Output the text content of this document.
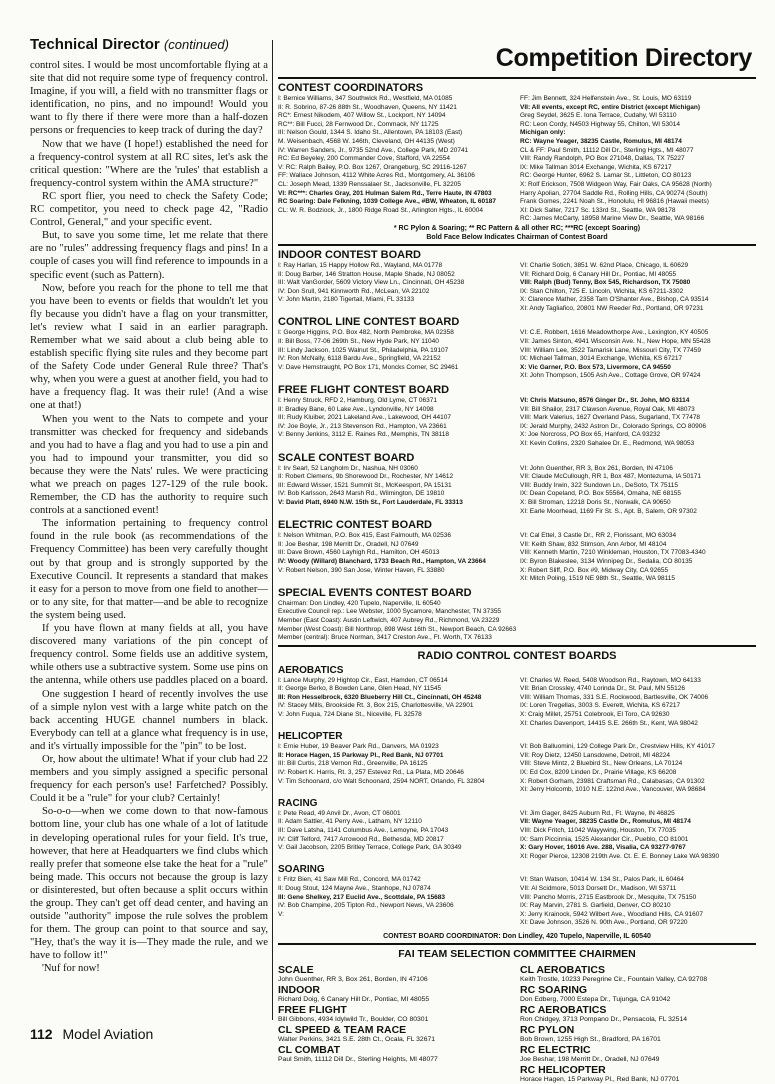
Technical Director (continued)

control sites. I would be most uncomfortable flying at a site that did not require some type of frequency control. Imagine, if you will, a field with no transmitter flags or identification, no pins, and no impound! Would you want to fly there if there were more than a half-dozen persons or frequencies to keep track of during the day?

Now that we have (I hope!) established the need for a frequency-control system at all RC sites, let's ask the critical question: "Where are the 'rules' that establish a frequency-control system within the AMA structure?"

RC sport flier, you need to check the Safety Code; RC competitor, you need to check page 42, "Radio Control, General," and your specific event.

But, to save you some time, let me relate that there are no "rules" addressing frequency flags and pins! In a couple of cases you will find reference to impounds in a specific event (such as Pattern).

Now, before you reach for the phone to tell me that you have been to events or fields that wouldn't let you fly because you didn't have a flag on your transmitter, let's review what I said in an earlier paragraph. Remember what we said about a club being able to establish specific flying site rules and they become part of the Safety Code under General Rule three? That's why, when you were a guest at another field, you had to have a frequency flag. It was their rule! (And a wise one at that!)

When you went to the Nats to compete and your transmitter was checked for frequency and sidebands and you had to have a flag and you had to use a pin and you had to impound your transmitter, you did so because they were the Nats' rules. We were practicing what we preach on pages 127-129 of the rule book. Remember, the CD has the authority to require such controls at a sanctioned event!

The information pertaining to frequency control found in the rule book (as recommendations of the Frequency Committee) has been very carefully thought out by that group and is strongly supported by the Executive Council. It represents a standard that makes it easy for a person to move from one field to another—or to any site, for that matter—and be able to recognize the system being used.

If you have flown at many fields at all, you have discovered many variations of the pin concept of frequency control. Some fields use an additive system, while others use a subtractive system. Some use pins on the antenna, while others use paddles placed on a board.

One suggestion I heard of recently involves the use of a simple nylon vest with a large white patch on the back accenting HUGE channel numbers in black. Everybody can tell at a glance what frequency is in use, and it's virtually impossible for the "pin" to be lost.

Or, how about the ultimate! What if your club had 22 members and you simply assigned a specific personal frequency for each person's use! Farfetched? Possibly. Could it be a "rule" for your club? Certainly!

So-o-o—when we come down to that now-famous bottom line, your club has one whale of a lot of latitude in developing operational rules for your field. It's true, however, that here at Headquarters we find clubs which really prefer that someone else take the heat for a "rule" being made. This occurs not because the group is lazy or disinterested, but often because a split occurs within the group. They can't get off dead center, and having an outside "authority" impose the rule solves the problem for them. The group can point to that source and say, "Hey, that's the way it is—They made the rule, and we have to follow it!"

'Nuf for now!

Competition Directory
CONTEST COORDINATORS
I: Bernice Williams, 347 Southwick Rd., Westfield, MA 01085
II: R. Sobrino, 87-26 88th St., Woodhaven, Queens, NY 11421
RC*: Ernest Nikodem, 407 Willow St., Lockport, NY 14094
RC**: Bill Fucci, 28 Fernwood Dr., Commack, NY 11725
III: Nelson Gould, 1344 S. Idaho St., Allentown, PA 18103 (East)
M. Weisenbach, 4568 W. 146th, Cleveland, OH 44135 (West)
IV: Warren Sanders, Jr., 9735 52nd Ave., College Park, MD 20741
RC: Ed Beyeley, 200 Commander Cove, Stafford, VA 22554
V: RC: Ralph Bailey, P.O. Box 1267, Orangeburg, SC 29116-1267
FF: Wallace Johnson, 4112 White Acres Rd., Montgomery, AL 36106
CL: Joseph Mead, 1339 Renssalaer St., Jacksonville, FL 32205
VI: RC***: Charles Gray, 201 Hulman Salem Rd., Terre Haute, IN 47803
RC Soaring: Dale Felkning, 1039 College Ave., #BW, Wheaton, IL 60187
CL: W. R. Bodziock, Jr., 1800 Ridge Road St., Arlington Hgts., IL 60004
FF: Jim Bennett, 324 Helfenstein Ave., St. Louis, MO 63119
VII: All events, except RC, entire District (except Michigan)
Greg Seydel, 3625 E. Iona Terrace, Cudahy, WI 53110
RC: Leon Cordy, N4503 Highway 55, Chilton, WI 53014
Michigan only:
RC: Wayne Yeager, 38235 Castle, Romulus, MI 48174
CL & FF: Paul Smith, 11112 Dill Dr., Sterling Hgts., MI 48077
VIII: Randy Randolph, PO Box 271048, Dallas, TX 75227
IX: Mike Tallman 3014 Exchange, Wichita, KS 67217
RC: George Hunter, 6962 S. Lamar St., Littleton, CO 80123
X: Rolf Erickson, 7508 Widgeon Way, Fair Oaks, CA 95628 (North)
Harry Apolian, 27704 Saddle Rd., Rolling Hills, CA 90274 (South)
Frank Gomes, 2241 Noah St., Honolulu, HI 96816 (Hawaii meets)
XI: Dick Salter, 7217 Sc. 133rd St., Seattle, WA 98178
RC: James McCarty, 18958 Marine View Dr., Seattle, WA 98166
* RC Pylon & Soaring; ** RC Pattern & all other RC; ***RC (except Soaring)
Bold Face Below Indicates Chairman of Contest Board
INDOOR CONTEST BOARD
I: Ray Harlan, 15 Happy Hollow Rd., Wayland, MA 01778
II: Doug Barber, 146 Stratton House, Maple Shade, NJ 08052
III: Walt VanGorder, 5609 Victory View Ln., Cincinnati, OH 45238
IV: Don Srull, 941 Kinnworth Rd., McLean, VA 22102
V: John Martin, 2180 Tigertail, Miami, FL 33133
VI: Charlie Sotich, 3851 W. 62nd Place, Chicago, IL 60629
VII: Richard Doig, 6 Canary Hill Dr., Pontiac, MI 48055
VIII: Ralph (Bud) Tenny, Box 545, Richardson, TX 75080
IX: Stan Chilton, 725 E. Lincoln, Wichita, KS 67211-3302
X: Clarence Mather, 2358 Tam O'Shanter Ave., Bishop, CA 93514
XI: Andy Tagliafico, 20801 NW Reeder Rd., Portland, OR 97231
CONTROL LINE CONTEST BOARD
I: George Higgins, P.O. Box 482, North Pembroke, MA 02358
II: Bill Boss, 77-06 269th St., New Hyde Park, NY 11040
III: Lindy Jackson, 1025 Walnut St., Philadelphia, PA 19107
IV: Ron McNally, 6118 Bardu Ave., Springfield, VA 22152
V: Dave Hemstraught, PO Box 171, Moncks Corner, SC 29461
VI: C.E. Robbert, 1616 Meadowthorpe Ave., Lexington, KY 40505
VII: James Sinton, 4941 Wisconsin Ave. N., New Hope, MN 55428
VIII: William Lee, 3522 Tamarisk Lane, Missouri City, TX 77459
IX: Michael Tallman, 3014 Exchange, Wichita, KS 67217
X: Vic Garner, P.O. Box 573, Livermore, CA 94550
XI: John Thompson, 1505 Ash Ave., Cottage Grove, OR 97424
FREE FLIGHT CONTEST BOARD
I: Henry Struck, RFD 2, Hamburg, Old Lyme, CT 06371
II: Bradley Bane, 60 Lake Ave., Lyndonville, NY 14098
III: Rudy Kluiber, 2021 Lakeland Ave., Lakewood, OH 44107
IV: Joe Boyle, Jr., 213 Stevenson Rd., Hampton, VA 23661
V: Benny Jenkins, 3112 E. Raines Rd., Memphis, TN 38118
VI: Chris Matsuno, 8576 Ginger Dr., St. John, MO 63114
VII: Bill Shailor, 2317 Clawson Avenue, Royal Oak, MI 48073
VIII: Mark Valerius, 1627 Overland Pass, Sugarland, TX 77478
IX: Jerald Murphy, 2432 Astron Dr., Colorado Springs, CO 80906
X: Joe Norcross, PO Box 65, Hanford, CA 93232
XI: Kevin Collins, 2320 Sahalee Dr. E., Redmond, WA 98053
SCALE CONTEST BOARD
I: Irv Searl, 52 Langholm Dr., Nashua, NH 03060
II: Robert Clemens, 9b Shorewood Dr., Rochester, NY 14612
III: Edward Wisser, 1521 Summit St., McKeesport, PA 15131
IV: Bob Karlsson, 2643 Marsh Rd., Wilmington, DE 19810
V: David Platt, 6940 N.W. 15th St., Fort Lauderdale, FL 33313
VI: John Guenther, RR 3, Box 261, Borden, IN 47106
VII: Claude McCullough, RR 1, Box 487, Montezuma, IA 50171
VIII: Buddy Irwin, 322 Sundown Ln., DeSoto, TX 75115
IX: Dean Copeland, P.O. Box 55564, Omaha, NE 68155
X: Bill Stroman, 12218 Doris St., Norwalk, CA 90650
XI: Earle Moorhead, 1169 Fir St. S., Apt. B, Salem, OR 97302
ELECTRIC CONTEST BOARD
I: Nelson Whitman, P.O. Box 415, East Falmouth, MA 02536
II: Joe Beshar, 198 Merritt Dr., Oradell, NJ 07649
III: Dave Brown, 4560 Layhigh Rd., Hamilton, OH 45013
IV: Woody (Willard) Blanchard, 1733 Beach Rd., Hampton, VA 23664
V: Robert Nelson, 390 San Jose, Winter Haven, FL 33880
VI: Cal Ettel, 3 Castle Dr., RR 2, Florissant, MO 63034
VII: Keith Shaw, 832 Stimson, Ann Arbor, MI 48104
VIII: Kenneth Martin, 7210 Winkleman, Houston, TX 77083-4340
IX: Byron Blakeslee, 3134 Winnipeg Dr., Sedalia, CO 80135
X: Robert Sliff, P.O. Box #9, Midway City, CA 92655
XI: Mitch Poling, 1519 NE 98th St., Seattle, WA 98115
SPECIAL EVENTS CONTEST BOARD
Chairman: Don Lindley, 420 Tupelo, Naperville, IL 60540
Executive Council rep.: Lee Webster, 1000 Sycamore, Manchester, TN 37355
Member (East Coast): Austin Leftwich, 407 Aubrey Rd., Richmond, VA 23229
Member (West Coast): Bill Northrop, 898 West 16th St., Newport Beach, CA 92663
Member (central): Bruce Norman, 3417 Creston Ave., Ft. Worth, TX 76133
RADIO CONTROL CONTEST BOARDS
AEROBATICS
I: Lance Murphy, 29 Hightop Cir., East, Hamden, CT 06514
II: George Berko, 8 Bowden Lane, Glen Head, NY 11545
III: Ron Hesselbrock, 6320 Blueberry Hill Ct., Cincinnati, OH 45248
IV: Stacey Mills, Brookside Rt. 3, Box 215, Charlottesville, VA 22901
V: John Fuqua, 724 Diane St., Niceville, FL 32578
VI: Charles W. Reed, 5408 Woodson Rd., Raytown, MO 64133
VII: Brian Crossley, 4740 Lorinda Dr., St. Paul, MN 55126
VIII: William Thomas, 331 S.E. Rockwood, Bartlesville, OK 74006
IX: Loren Tregellas, 3003 S. Everett, Wichita, KS 67217
X: Craig Millet, 25751 Colebrook, El Toro, CA 92630
XI: Charles Davenport, 14415 S.E. 266th St., Kent, WA 98042
HELICOPTER
I: Ernie Huber, 19 Beaver Park Rd., Danvers, MA 01923
II: Horace Hagen, 15 Parkway Pl., Red Bank, NJ 07701
III: Bill Curtis, 218 Vernon Rd., Greenville, PA 16125
IV: Robert K. Harris, Rt. 3, 257 Estevez Rd., La Plata, MD 20646
V: Tim Schoonard, c/o Walt Schoonard, 2594 NORT, Orlando, FL 32804
VI: Bob Balluomini, 129 College Park Dr., Crestview Hills, KY 41017
VII: Roy Dietz, 12450 Lansdowne, Detroit, MI 48224
VIII: Steve Mintz, 2 Bluebird St., New Orleans, LA 70124
IX: Ed Cox, 8209 Linden Dr., Prairie Village, KS 66208
X: Robert Gorham, 23981 Craftsman Rd., Calabasas, CA 91302
XI: Jerry Holcomb, 1010 N.E. 122nd Ave., Vancouver, WA 98684
RACING
I: Pete Read, 49 Anvil Dr., Avon, CT 06001
II: Adam Sattler, 41 Perry Ave., Latham, NY 12110
III: Dave Latsha, 1141 Columbus Ave., Lemoyne, PA 17043
IV: Cliff Telford, 7417 Arrowood Rd., Bethesda, MD 20817
V: Gail Jacobson, 2205 Britley Terrace, College Park, GA 30349
VI: Jim Gager, 8425 Auburn Rd., Ft. Wayne, IN 46825
VII: Wayne Yeager, 38235 Castle Dr., Romulus, MI 48174
VIII: Dick Fritch, 11042 Wayywing, Houston, TX 77035
IX: Sam Piccinnia, 1525 Alexander Cir., Pueblo, CO 81001
X: Gary Hover, 16016 Ave. 288, Visalia, CA 93277-9767
XI: Roger Pierce, 12308 219th Ave. Ct. E. E. Bonney Lake WA 98390
SOARING
I: Fritz Bien, 41 Saw Mill Rd., Concord, MA 01742
II: Doug Stout, 124 Mayne Ave., Stanhope, NJ 07874
III: Gene Shelkey, 217 Euclid Ave., Scottdale, PA 15683
IV: Bob Champine, 205 Tipton Rd., Newport News, VA 23606
V:
VI: Stan Watson, 10414 W. 134 St., Palos Park, IL 60464
VII: Al Scidmore, 5013 Dorsett Dr., Madison, WI 53711
VIII: Pancho Morris, 2715 Eastbrook Dr., Mesquite, TX 75150
IX: Ray Marvin, 2781 S. Garfield, Denver, CO 80210
X: Jerry Krainock, 5942 Wilbert Ave., Woodland Hills, CA 91607
XI: Dave Johnson, 3526 N. 90th Ave., Portland, OR 97220
CONTEST BOARD COORDINATOR: Don Lindley, 420 Tupelo, Naperville, IL 60540
FAI TEAM SELECTION COMMITTEE CHAIRMEN
SCALE
John Guenther, RR 3, Box 261, Borden, IN 47106
INDOOR
Richard Doig, 6 Canary Hill Dr., Pontiac, MI 48055
FREE FLIGHT
Bill Gibbons, 4934 Idylwild Tr., Boulder, CO 80301
CL SPEED & TEAM RACE
Walter Perkins, 3421 S.E. 28th Ct., Ocala, FL 32671
CL COMBAT
Paul Smith, 11112 Dill Dr., Sterling Heights, MI 48077
CL AEROBATICS
Keith Trostle, 10233 Peregrine Cir., Fountain Valley, CA 92708
RC SOARING
Don Edberg, 7000 Estepa Dr., Tujunga, CA 91042
RC AEROBATICS
Ron Chidgey, 3713 Pompano Dr., Pensacola, FL 32514
RC PYLON
Bob Brown, 1255 High St., Bradford, PA 16701
RC ELECTRIC
Joe Beshar, 198 Merritt Dr., Oradell, NJ 07649
RC HELICOPTER
Horace Hagen, 15 Parkway Pl., Red Bank, NJ 07701
112 Model Aviation
